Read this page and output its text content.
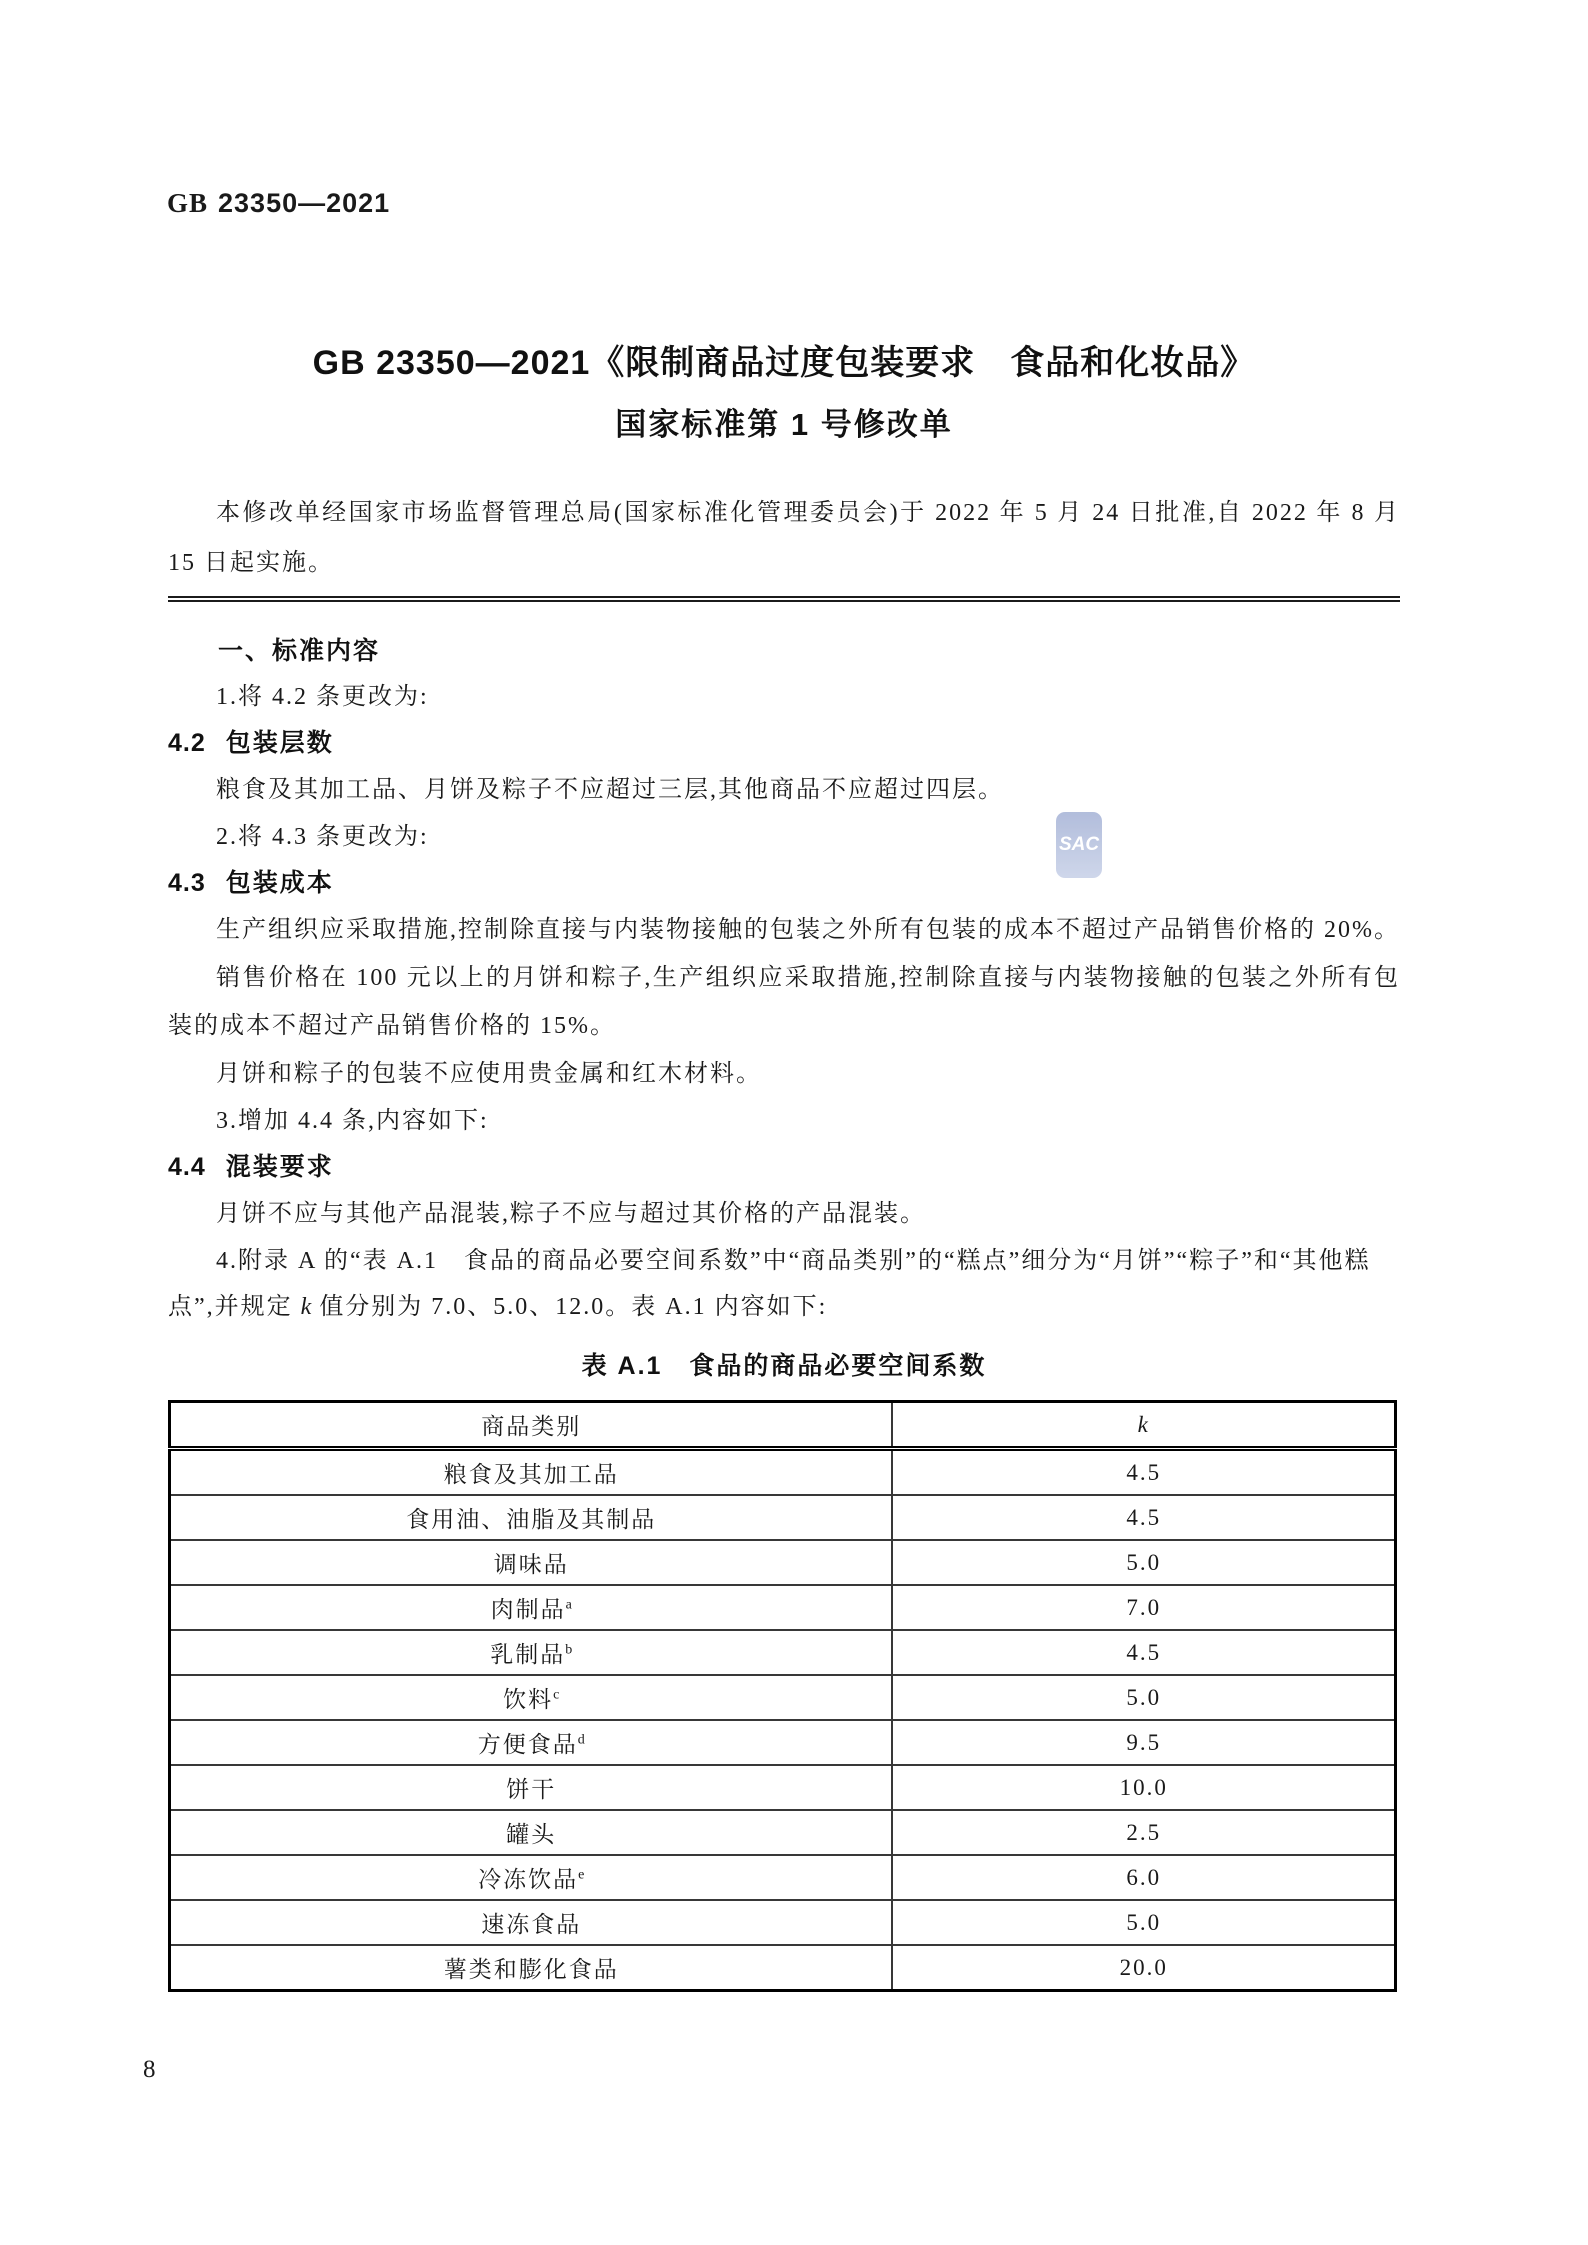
GB 23350—2021
SAC
GB 23350—2021《限制商品过度包装要求　食品和化妆品》
国家标准第 1 号修改单

本修改单经国家市场监督管理总局(国家标准化管理委员会)于 2022 年 5 月 24 日批准,自 2022 年 8 月 15 日起实施。

一、标准内容

1.将 4.2 条更改为:

4.2 包装层数

粮食及其加工品、月饼及粽子不应超过三层,其他商品不应超过四层。

2.将 4.3 条更改为:

4.3 包装成本

生产组织应采取措施,控制除直接与内装物接触的包装之外所有包装的成本不超过产品销售价格的 20%。

销售价格在 100 元以上的月饼和粽子,生产组织应采取措施,控制除直接与内装物接触的包装之外所有包装的成本不超过产品销售价格的 15%。

月饼和粽子的包装不应使用贵金属和红木材料。

3.增加 4.4 条,内容如下:

4.4 混装要求

月饼不应与其他产品混装,粽子不应与超过其价格的产品混装。

4.附录 A 的“表 A.1　食品的商品必要空间系数”中“商品类别”的“糕点”细分为“月饼”“粽子”和“其他糕点”,并规定 k 值分别为 7.0、5.0、12.0。表 A.1 内容如下:

表 A.1　食品的商品必要空间系数
商品类别	k
粮食及其加工品	4.5
食用油、油脂及其制品	4.5
调味品	5.0
肉制品$^a$	7.0
乳制品$^b$	4.5
饮料$^c$	5.0
方便食品$^d$	9.5
饼干	10.0
罐头	2.5
冷冻饮品$^e$	6.0
速冻食品	5.0
薯类和膨化食品	20.0
8
